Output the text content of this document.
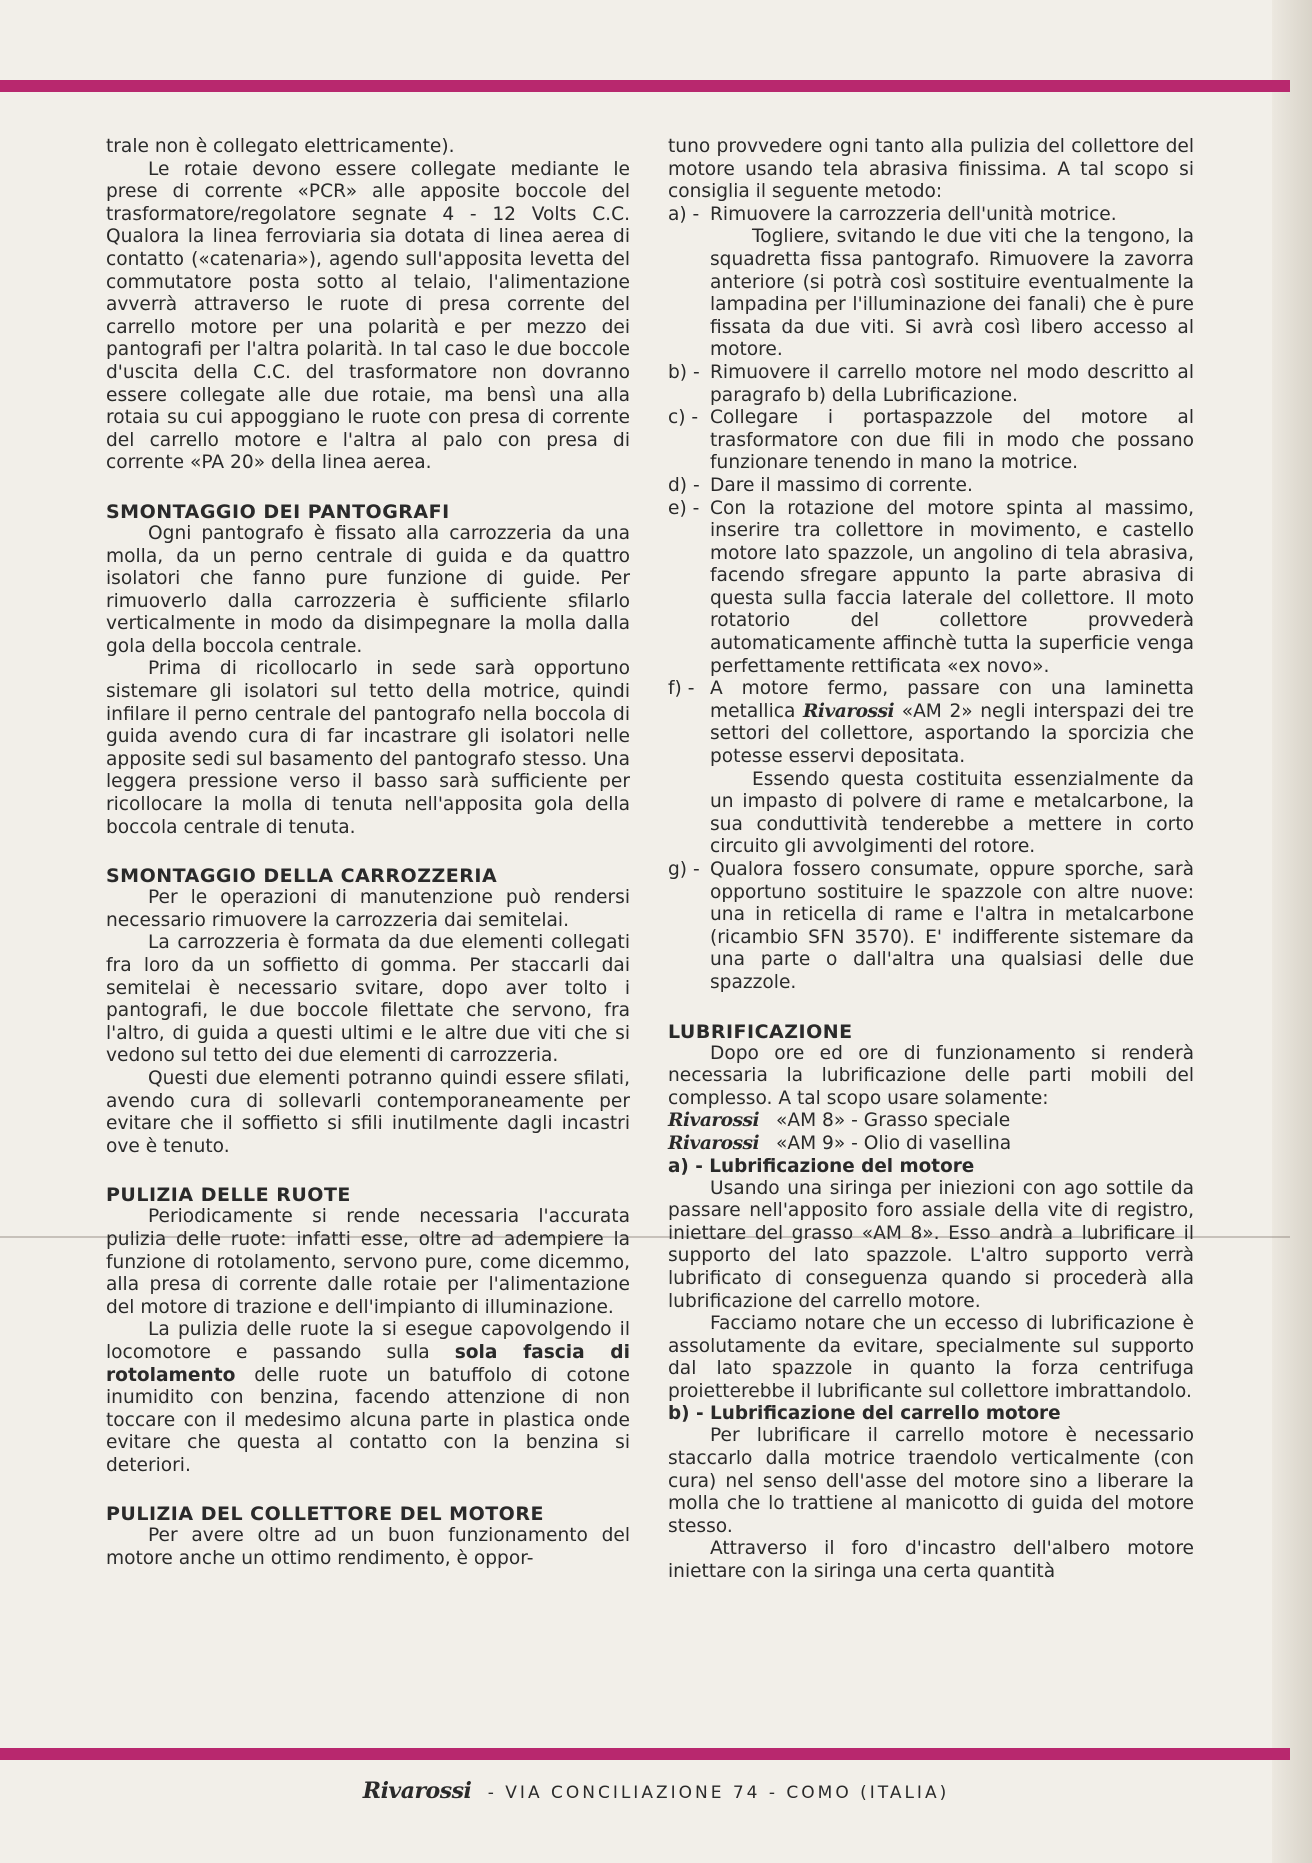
trale non è collegato elettricamente).

Le rotaie devono essere collegate mediante le prese di corrente «PCR» alle apposite boccole del trasformatore/regolatore segnate 4 - 12 Volts C.C. Qualora la linea ferroviaria sia dotata di linea aerea di contatto («catenaria»), agendo sull'apposita levetta del commutatore posta sotto al telaio, l'alimentazione avverrà attraverso le ruote di presa corrente del carrello motore per una polarità e per mezzo dei pantografi per l'altra polarità. In tal caso le due boccole d'uscita della C.C. del trasformatore non dovranno essere collegate alle due rotaie, ma bensì una alla rotaia su cui appoggiano le ruote con presa di corrente del carrello motore e l'altra al palo con presa di corrente «PA 20» della linea aerea.

SMONTAGGIO DEI PANTOGRAFI

Ogni pantografo è fissato alla carrozzeria da una molla, da un perno centrale di guida e da quattro isolatori che fanno pure funzione di guide. Per rimuoverlo dalla carrozzeria è sufficiente sfilarlo verticalmente in modo da disimpegnare la molla dalla gola della boccola centrale.

Prima di ricollocarlo in sede sarà opportuno sistemare gli isolatori sul tetto della motrice, quindi infilare il perno centrale del pantografo nella boccola di guida avendo cura di far incastrare gli isolatori nelle apposite sedi sul basamento del pantografo stesso. Una leggera pressione verso il basso sarà sufficiente per ricollocare la molla di tenuta nell'apposita gola della boccola centrale di tenuta.

SMONTAGGIO DELLA CARROZZERIA

Per le operazioni di manutenzione può rendersi necessario rimuovere la carrozzeria dai semitelai.

La carrozzeria è formata da due elementi collegati fra loro da un soffietto di gomma. Per staccarli dai semitelai è necessario svitare, dopo aver tolto i pantografi, le due boccole filettate che servono, fra l'altro, di guida a questi ultimi e le altre due viti che si vedono sul tetto dei due elementi di carrozzeria.

Questi due elementi potranno quindi essere sfilati, avendo cura di sollevarli contemporaneamente per evitare che il soffietto si sfili inutilmente dagli incastri ove è tenuto.

PULIZIA DELLE RUOTE

Periodicamente si rende necessaria l'accurata pulizia delle ruote: infatti esse, oltre ad adempiere la funzione di rotolamento, servono pure, come dicemmo, alla presa di corrente dalle rotaie per l'alimentazione del motore di trazione e dell'impianto di illuminazione.

La pulizia delle ruote la si esegue capovolgendo il locomotore e passando sulla sola fascia di rotolamento delle ruote un batuffolo di cotone inumidito con benzina, facendo attenzione di non toccare con il medesimo alcuna parte in plastica onde evitare che questa al contatto con la benzina si deteriori.

PULIZIA DEL COLLETTORE DEL MOTORE

Per avere oltre ad un buon funzionamento del motore anche un ottimo rendimento, è oppor-

tuno provvedere ogni tanto alla pulizia del collettore del motore usando tela abrasiva finissima. A tal scopo si consiglia il seguente metodo:

a) - Rimuovere la carrozzeria dell'unità motrice.

Togliere, svitando le due viti che la tengono, la squadretta fissa pantografo. Rimuovere la zavorra anteriore (si potrà così sostituire eventualmente la lampadina per l'illuminazione dei fanali) che è pure fissata da due viti. Si avrà così libero accesso al motore.

b) - Rimuovere il carrello motore nel modo descritto al paragrafo b) della Lubrificazione.
c) - Collegare i portaspazzole del motore al trasformatore con due fili in modo che possano funzionare tenendo in mano la motrice.
d) - Dare il massimo di corrente.
e) - Con la rotazione del motore spinta al massimo, inserire tra collettore in movimento, e castello motore lato spazzole, un angolino di tela abrasiva, facendo sfregare appunto la parte abrasiva di questa sulla faccia laterale del collettore. Il moto rotatorio del collettore provvederà automaticamente affinchè tutta la superficie venga perfettamente rettificata «ex novo».
f) - A motore fermo, passare con una laminetta metallica Rivarossi «AM 2» negli interspazi dei tre settori del collettore, asportando la sporcizia che potesse esservi depositata.

Essendo questa costituita essenzialmente da un impasto di polvere di rame e metalcarbone, la sua conduttività tenderebbe a mettere in corto circuito gli avvolgimenti del rotore.

g) - Qualora fossero consumate, oppure sporche, sarà opportuno sostituire le spazzole con altre nuove: una in reticella di rame e l'altra in metalcarbone (ricambio SFN 3570). E' indifferente sistemare da una parte o dall'altra una qualsiasi delle due spazzole.
LUBRIFICAZIONE

Dopo ore ed ore di funzionamento si renderà necessaria la lubrificazione delle parti mobili del complesso. A tal scopo usare solamente:

Rivarossi «AM 8» - Grasso speciale
Rivarossi «AM 9» - Olio di vasellina
a) - Lubrificazione del motore

Usando una siringa per iniezioni con ago sottile da passare nell'apposito foro assiale della vite di registro, iniettare del grasso «AM 8». Esso andrà a lubrificare il supporto del lato spazzole. L'altro supporto verrà lubrificato di conseguenza quando si procederà alla lubrificazione del carrello motore.

Facciamo notare che un eccesso di lubrificazione è assolutamente da evitare, specialmente sul supporto dal lato spazzole in quanto la forza centrifuga proietterebbe il lubrificante sul collettore imbrattandolo.

b) - Lubrificazione del carrello motore

Per lubrificare il carrello motore è necessario staccarlo dalla motrice traendolo verticalmente (con cura) nel senso dell'asse del motore sino a liberare la molla che lo trattiene al manicotto di guida del motore stesso.

Attraverso il foro d'incastro dell'albero motore iniettare con la siringa una certa quantità

Rivarossi - VIA CONCILIAZIONE 74 - COMO (ITALIA)
